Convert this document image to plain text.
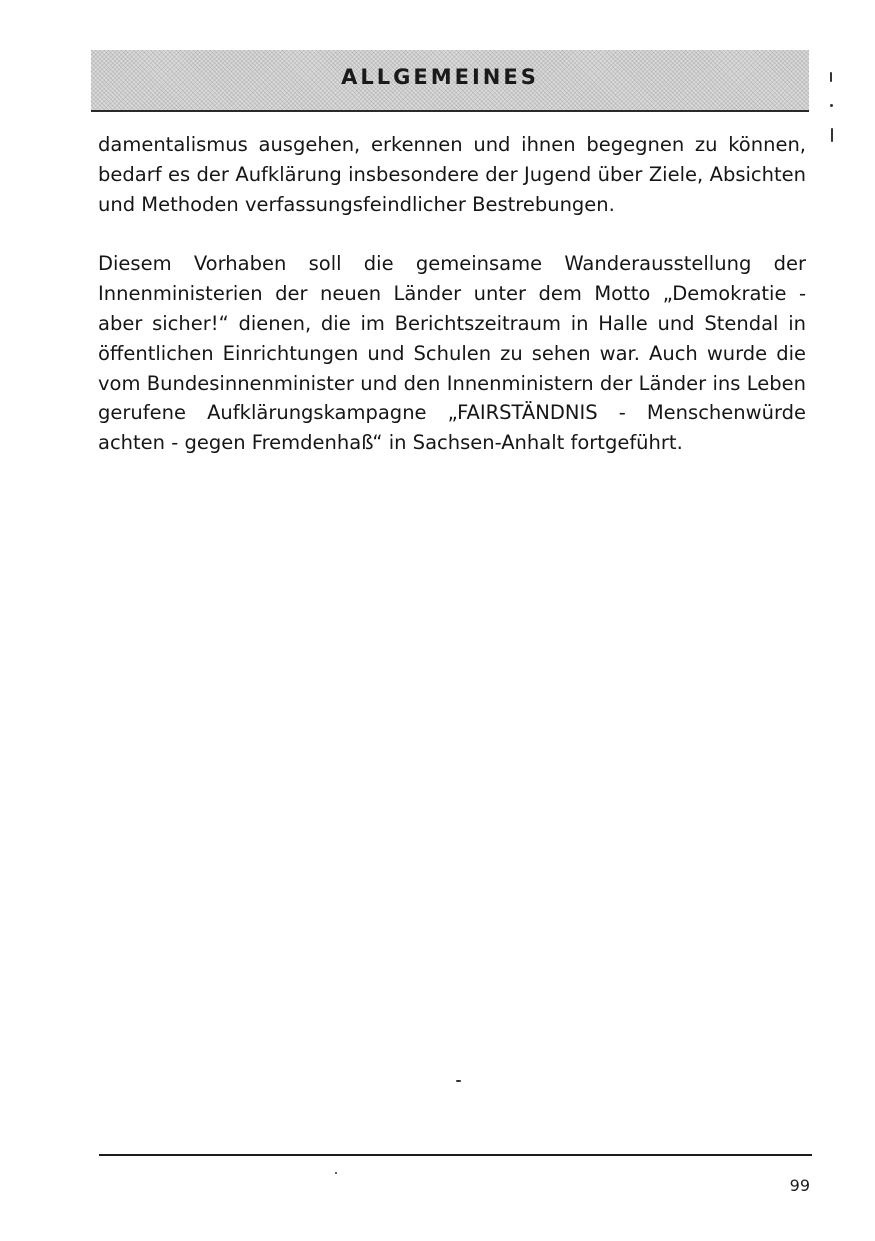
ALLGEMEINES

damentalismus ausgehen, erkennen und ihnen begegnen zu können, bedarf es der Aufklärung insbesondere der Jugend über Ziele, Absichten und Methoden verfassungsfeindlicher Bestrebungen.

Diesem Vorhaben soll die gemeinsame Wanderausstellung der Innenministerien der neuen Länder unter dem Motto „Demokratie - aber sicher!“ dienen, die im Berichtszeitraum in Halle und Stendal in öffentlichen Einrichtungen und Schulen zu sehen war. Auch wurde die vom Bundesinnenminister und den Innenministern der Länder ins Leben gerufene Aufklärungskampagne „FAIRSTÄNDNIS - Menschenwürde achten - gegen Fremdenhaß“ in Sachsen-Anhalt fortgeführt.

99
